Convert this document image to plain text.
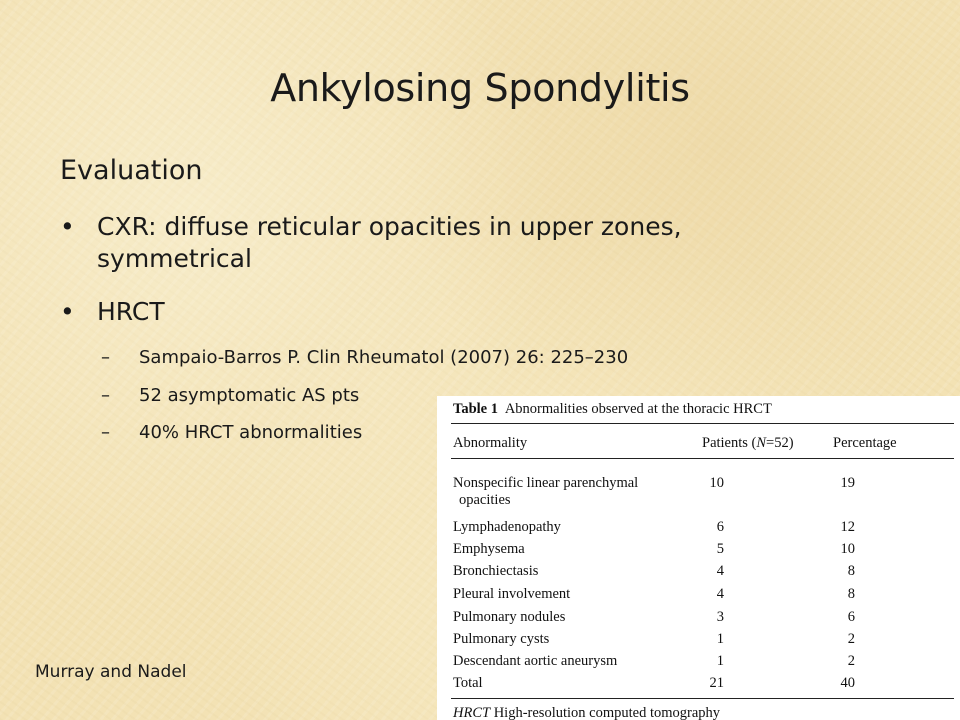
Ankylosing Spondylitis
Evaluation
• CXR: diffuse reticular opacities in upper zones, symmetrical
• HRCT
– Sampaio-Barros P. Clin Rheumatol (2007) 26: 225–230
– 52 asymptomatic AS pts
– 40% HRCT abnormalities
Murray and Nadel
Table 1 Abnormalities observed at the thoracic HRCT
Abnormality	Patients (N=52)	Percentage
Nonspecific linear parenchymal
opacities
10	19
Lymphadenopathy	6	12
Emphysema	5	10
Bronchiectasis	4	8
Pleural involvement	4	8
Pulmonary nodules	3	6
Pulmonary cysts	1	2
Descendant aortic aneurysm	1	2
Total	21	40
HRCT High-resolution computed tomography
